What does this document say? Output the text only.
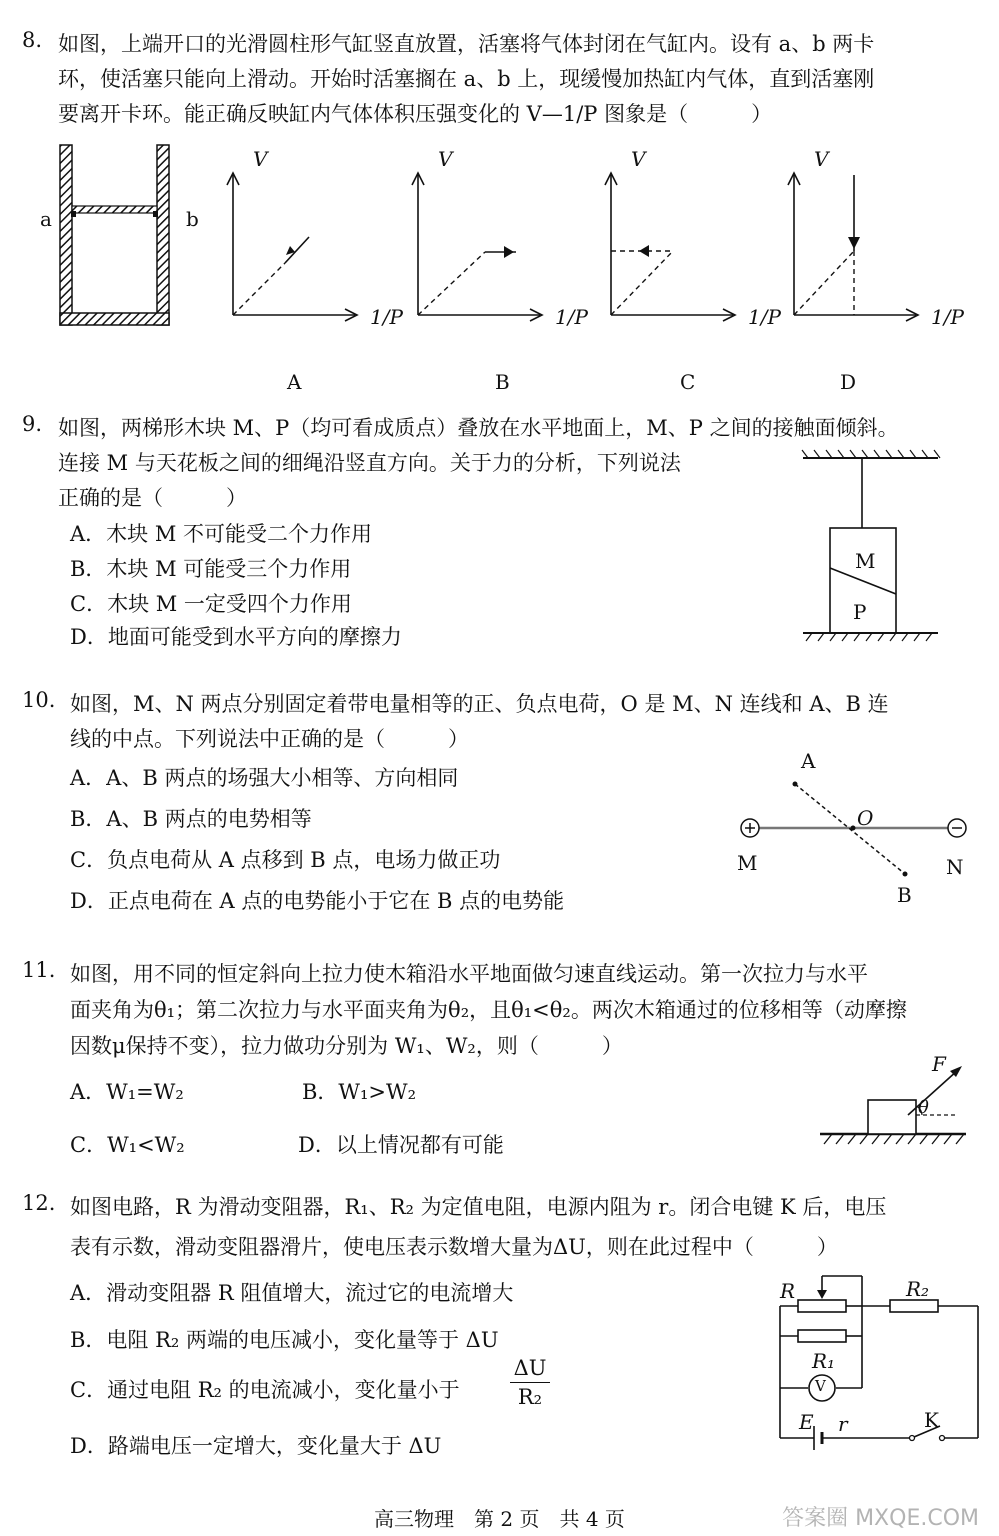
8. 如图，上端开口的光滑圆柱形气缸竖直放置，活塞将气体封闭在气缸内。设有 a、b 两卡
环，使活塞只能向上滑动。开始时活塞搁在 a、b 上，现缓慢加热缸内气体，直到活塞刚
要离开卡环。能正确反映缸内气体体积压强变化的 V—1/P 图象是（　　　）
a	b
V
1/P
A
V
1/P
B
V
1/P
C
V
1/P
D
9. 如图，两梯形木块 M、P（均可看成质点）叠放在水平地面上，M、P 之间的接触面倾斜。
连接 M 与天花板之间的细绳沿竖直方向。关于力的分析，下列说法
正确的是（　　　）
A．木块 M 不可能受二个力作用
B．木块 M 可能受三个力作用
C．木块 M 一定受四个力作用
D．地面可能受到水平方向的摩擦力
M
P
10. 如图，M、N 两点分别固定着带电量相等的正、负点电荷，O 是 M、N 连线和 A、B 连
线的中点。下列说法中正确的是（　　　）
A．A、B 两点的场强大小相等、方向相同
B．A、B 两点的电势相等
C．负点电荷从 A 点移到 B 点，电场力做正功
D．正点电荷在 A 点的电势能小于它在 B 点的电势能
A
O
M	N
B
11. 如图，用不同的恒定斜向上拉力使木箱沿水平地面做匀速直线运动。第一次拉力与水平
面夹角为θ₁；第二次拉力与水平面夹角为θ₂，且θ₁<θ₂。两次木箱通过的位移相等（动摩擦
因数μ保持不变），拉力做功分别为 W₁、W₂，则（　　　）
A．W₁=W₂	B．W₁>W₂
C．W₁<W₂	D．以上情况都有可能
F
θ
12. 如图电路，R 为滑动变阻器，R₁、R₂ 为定值电阻，电源内阻为 r。闭合电键 K 后，电压
表有示数，滑动变阻器滑片，使电压表示数增大量为ΔU，则在此过程中（　　　）
A．滑动变阻器 R 阻值增大，流过它的电流增大
B．电阻 R₂ 两端的电压减小，变化量等于 ΔU
C．通过电阻 R₂ 的电流减小，变化量小于 $\frac{\Delta U}{\text{R₂}}$
D．路端电压一定增大，变化量大于 ΔU
R	R₂
R₁
V
E r	K
高三物理　第 2 页　共 4 页	答案圈 MXQE.COM
